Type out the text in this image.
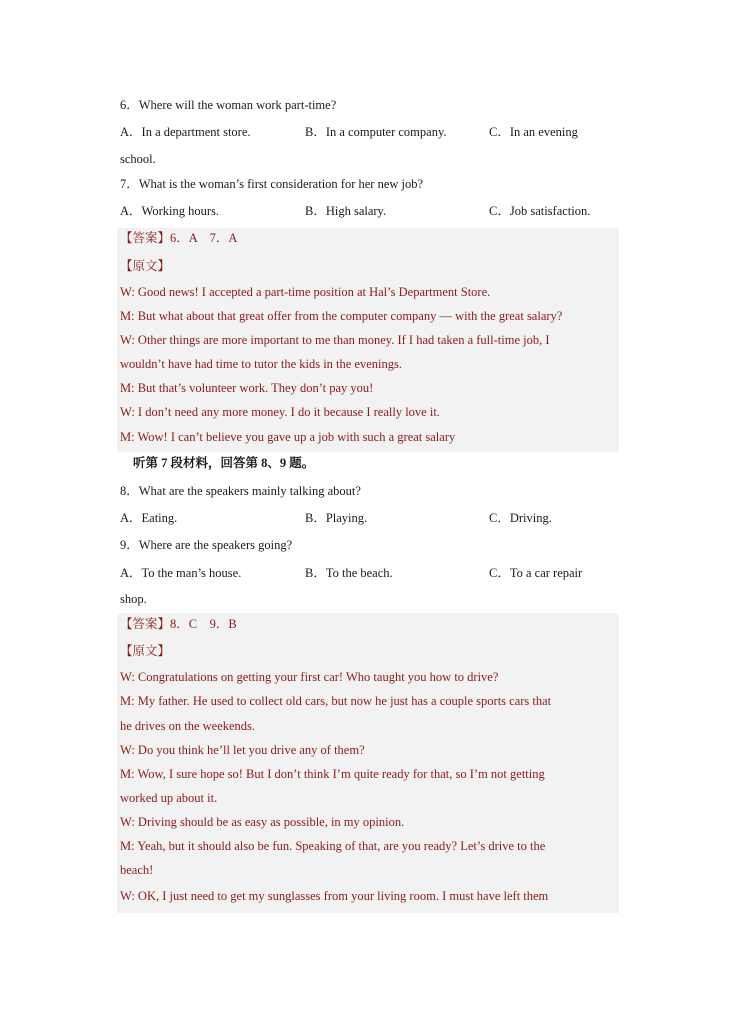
6．Where will the woman work part-time?
A．In a department store.	B．In a computer company.	C．In an evening
school.
7．What is the woman’s first consideration for her new job?
A．Working hours.	B．High salary.	C．Job satisfaction.
【答案】6．A　7．A
【原文】
W: Good news! I accepted a part-time position at Hal’s Department Store.
M: But what about that great offer from the computer company — with the great salary?
W: Other things are more important to me than money. If I had taken a full-time job, I
wouldn’t have had time to tutor the kids in the evenings.
M: But that’s volunteer work. They don’t pay you!
W: I don’t need any more money. I do it because I really love it.
M: Wow! I can’t believe you gave up a job with such a great salary
听第 7 段材料，回答第 8、9 题。
8．What are the speakers mainly talking about?
A．Eating.	B．Playing.	C．Driving.
9．Where are the speakers going?
A．To the man’s house.	B．To the beach.	C．To a car repair
shop.
【答案】8．C　9．B
【原文】
W: Congratulations on getting your first car! Who taught you how to drive?
M: My father. He used to collect old cars, but now he just has a couple sports cars that
he drives on the weekends.
W: Do you think he’ll let you drive any of them?
M: Wow, I sure hope so! But I don’t think I’m quite ready for that, so I’m not getting
worked up about it.
W: Driving should be as easy as possible, in my opinion.
M: Yeah, but it should also be fun. Speaking of that, are you ready? Let’s drive to the
beach!
W: OK, I just need to get my sunglasses from your living room. I must have left them
